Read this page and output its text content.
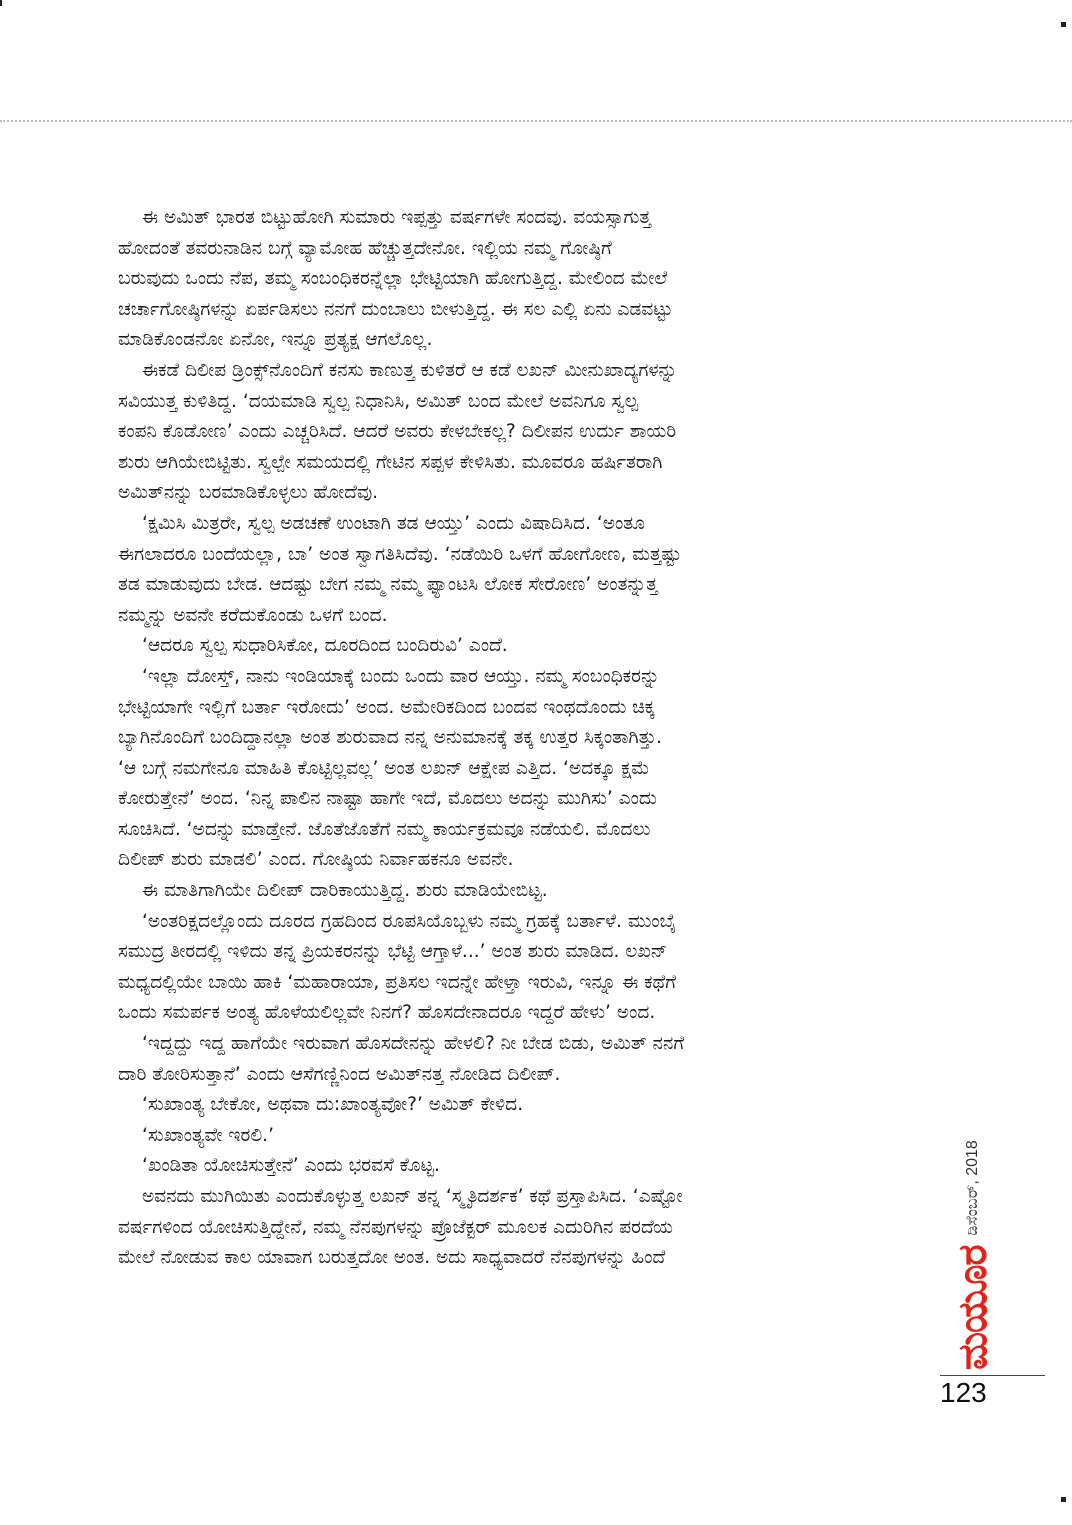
ಈ ಅಮಿತ್ ಭಾರತ ಬಿಟ್ಟುಹೋಗಿ ಸುಮಾರು ಇಪ್ಪತ್ತು ವರ್ಷಗಳೇ ಸಂದವು. ವಯಸ್ಸಾಗುತ್ತ
ಹೋದಂತೆ ತವರುನಾಡಿನ ಬಗ್ಗೆ ವ್ಯಾಮೋಹ ಹೆಚ್ಚುತ್ತದೇನೋ. ಇಲ್ಲಿಯ ನಮ್ಮ ಗೋಷ್ಠಿಗೆ
ಬರುವುದು ಒಂದು ನೆಪ, ತಮ್ಮ ಸಂಬಂಧಿಕರನ್ನೆಲ್ಲಾ ಭೇಟ್ಟಿಯಾಗಿ ಹೋಗುತ್ತಿದ್ದ. ಮೇಲಿಂದ ಮೇಲೆ
ಚರ್ಚಾಗೋಷ್ಠಿಗಳನ್ನು ಏರ್ಪಡಿಸಲು ನನಗೆ ದುಂಬಾಲು ಬೀಳುತ್ತಿದ್ದ. ಈ ಸಲ ಎಲ್ಲಿ ಏನು ಎಡವಟ್ಟು
ಮಾಡಿಕೊಂಡನೋ ಏನೋ, ಇನ್ನೂ ಪ್ರತ್ಯಕ್ಷ ಆಗಲೊಲ್ಲ.
ಈಕಡೆ ದಿಲೀಪ ಡ್ರಿಂಕ್ಸ್‌ನೊಂದಿಗೆ ಕನಸು ಕಾಣುತ್ತ ಕುಳಿತರೆ ಆ ಕಡೆ ಲಖನ್ ಮೀನುಖಾದ್ಯಗಳನ್ನು
ಸವಿಯುತ್ತ ಕುಳಿತಿದ್ದ. ‘ದಯಮಾಡಿ ಸ್ವಲ್ಪ ನಿಧಾನಿಸಿ, ಅಮಿತ್ ಬಂದ ಮೇಲೆ ಅವನಿಗೂ ಸ್ವಲ್ಪ
ಕಂಪನಿ ಕೊಡೋಣ’ ಎಂದು ಎಚ್ಚರಿಸಿದೆ. ಆದರೆ ಅವರು ಕೇಳಬೇಕಲ್ಲ? ದಿಲೀಪನ ಉರ್ದು ಶಾಯರಿ
ಶುರು ಆಗಿಯೇಬಿಟ್ಟಿತು. ಸ್ವಲ್ಪೇ ಸಮಯದಲ್ಲಿ ಗೇಟಿನ ಸಪ್ಪಳ ಕೇಳಿಸಿತು. ಮೂವರೂ ಹರ್ಷಿತರಾಗಿ
ಅಮಿತ್‌ನನ್ನು ಬರಮಾಡಿಕೊಳ್ಳಲು ಹೋದೆವು.
‘ಕ್ಷಮಿಸಿ ಮಿತ್ರರೇ, ಸ್ವಲ್ಪ ಅಡಚಣೆ ಉಂಟಾಗಿ ತಡ ಆಯ್ತು’ ಎಂದು ವಿಷಾದಿಸಿದ. ‘ಅಂತೂ
ಈಗಲಾದರೂ ಬಂದೆಯಲ್ಲಾ, ಬಾ’ ಅಂತ ಸ್ವಾಗತಿಸಿದೆವು. ‘ನಡೆಯಿರಿ ಒಳಗೆ ಹೋಗೋಣ, ಮತ್ತಷ್ಟು
ತಡ ಮಾಡುವುದು ಬೇಡ. ಆದಷ್ಟು ಬೇಗ ನಮ್ಮ ನಮ್ಮ ಫ್ಯಾಂಟಸಿ ಲೋಕ ಸೇರೋಣ’ ಅಂತನ್ನುತ್ತ
ನಮ್ಮನ್ನು ಅವನೇ ಕರೆದುಕೊಂಡು ಒಳಗೆ ಬಂದ.
‘ಆದರೂ ಸ್ವಲ್ಪ ಸುಧಾರಿಸಿಕೋ, ದೂರದಿಂದ ಬಂದಿರುವಿ’ ಎಂದೆ.
‘ಇಲ್ಲಾ ದೋಸ್ತ್, ನಾನು ಇಂಡಿಯಾಕ್ಕೆ ಬಂದು ಒಂದು ವಾರ ಆಯ್ತು. ನಮ್ಮ ಸಂಬಂಧಿಕರನ್ನು
ಭೇಟ್ಟಿಯಾಗೇ ಇಲ್ಲಿಗೆ ಬರ್ತಾ ಇರೋದು’ ಅಂದ. ಅಮೇರಿಕದಿಂದ ಬಂದವ ಇಂಥದೊಂದು ಚಿಕ್ಕ
ಬ್ಯಾಗಿನೊಂದಿಗೆ ಬಂದಿದ್ದಾನಲ್ಲಾ ಅಂತ ಶುರುವಾದ ನನ್ನ ಅನುಮಾನಕ್ಕೆ ತಕ್ಕ ಉತ್ತರ ಸಿಕ್ಕಂತಾಗಿತ್ತು.
‘ಆ ಬಗ್ಗೆ ನಮಗೇನೂ ಮಾಹಿತಿ ಕೊಟ್ಟಿಲ್ಲವಲ್ಲ’ ಅಂತ ಲಖನ್ ಆಕ್ಷೇಪ ಎತ್ತಿದ. ‘ಅದಕ್ಕೂ ಕ್ಷಮೆ
ಕೋರುತ್ತೇನೆ’ ಅಂದ. ‘ನಿನ್ನ ಪಾಲಿನ ನಾಷ್ಟಾ ಹಾಗೇ ಇದೆ, ಮೊದಲು ಅದನ್ನು ಮುಗಿಸು’ ಎಂದು
ಸೂಚಿಸಿದೆ. ‘ಅದನ್ನು ಮಾಡ್ತೇನೆ. ಜೊತೆಜೊತೆಗೆ ನಮ್ಮ ಕಾರ್ಯಕ್ರಮವೂ ನಡೆಯಲಿ. ಮೊದಲು
ದಿಲೀಪ್ ಶುರು ಮಾಡಲಿ’ ಎಂದ. ಗೋಷ್ಠಿಯ ನಿರ್ವಾಹಕನೂ ಅವನೇ.
ಈ ಮಾತಿಗಾಗಿಯೇ ದಿಲೀಪ್ ದಾರಿಕಾಯುತ್ತಿದ್ದ. ಶುರು ಮಾಡಿಯೇಬಿಟ್ಟ.
‘ಅಂತರಿಕ್ಷದಲ್ಲೊಂದು ದೂರದ ಗ್ರಹದಿಂದ ರೂಪಸಿಯೊಬ್ಬಳು ನಮ್ಮ ಗ್ರಹಕ್ಕೆ ಬರ್ತಾಳೆ. ಮುಂಬೈ
ಸಮುದ್ರ ತೀರದಲ್ಲಿ ಇಳಿದು ತನ್ನ ಪ್ರಿಯಕರನನ್ನು ಭೆಟ್ಟಿ ಆಗ್ತಾಳೆ...’ ಅಂತ ಶುರು ಮಾಡಿದ. ಲಖನ್
ಮಧ್ಯದಲ್ಲಿಯೇ ಬಾಯಿ ಹಾಕಿ ‘ಮಹಾರಾಯಾ, ಪ್ರತಿಸಲ ಇದನ್ನೇ ಹೇಳ್ತಾ ಇರುವಿ, ಇನ್ನೂ ಈ ಕಥೆಗೆ
ಒಂದು ಸಮರ್ಪಕ ಅಂತ್ಯ ಹೊಳೆಯಲಿಲ್ಲವೇ ನಿನಗೆ? ಹೊಸದೇನಾದರೂ ಇದ್ದರೆ ಹೇಳು’ ಅಂದ.
‘ಇದ್ದದ್ದು ಇದ್ದ ಹಾಗೆಯೇ ಇರುವಾಗ ಹೊಸದೇನನ್ನು ಹೇಳಲಿ? ನೀ ಬೇಡ ಬಿಡು, ಅಮಿತ್ ನನಗೆ
ದಾರಿ ತೋರಿಸುತ್ತಾನೆ’ ಎಂದು ಆಸೆಗಣ್ಣಿನಿಂದ ಅಮಿತ್‌ನತ್ತ ನೋಡಿದ ದಿಲೀಪ್.
‘ಸುಖಾಂತ್ಯ ಬೇಕೋ, ಅಥವಾ ದು:ಖಾಂತ್ಯವೋ?’ ಅಮಿತ್ ಕೇಳಿದ.
‘ಸುಖಾಂತ್ಯವೇ ಇರಲಿ.’
‘ಖಂಡಿತಾ ಯೋಚಿಸುತ್ತೇನೆ’ ಎಂದು ಭರವಸೆ ಕೊಟ್ಟ.
ಅವನದು ಮುಗಿಯಿತು ಎಂದುಕೊಳ್ಳುತ್ತ ಲಖನ್ ತನ್ನ ‘ಸ್ಮೃತಿದರ್ಶಕ’ ಕಥೆ ಪ್ರಸ್ತಾಪಿಸಿದ. ‘ಎಷ್ಟೋ
ವರ್ಷಗಳಿಂದ ಯೋಚಿಸುತ್ತಿದ್ದೇನೆ, ನಮ್ಮ ನೆನಪುಗಳನ್ನು ಪ್ರೊಜೆಕ್ಟರ್ ಮೂಲಕ ಎದುರಿಗಿನ ಪರದೆಯ
ಮೇಲೆ ನೋಡುವ ಕಾಲ ಯಾವಾಗ ಬರುತ್ತದೋ ಅಂತ. ಅದು ಸಾಧ್ಯವಾದರೆ ನೆನಪುಗಳನ್ನು ಹಿಂದೆ	ಮಯೂರ
ಡಿಸೆಂಬರ್, 2018
123
